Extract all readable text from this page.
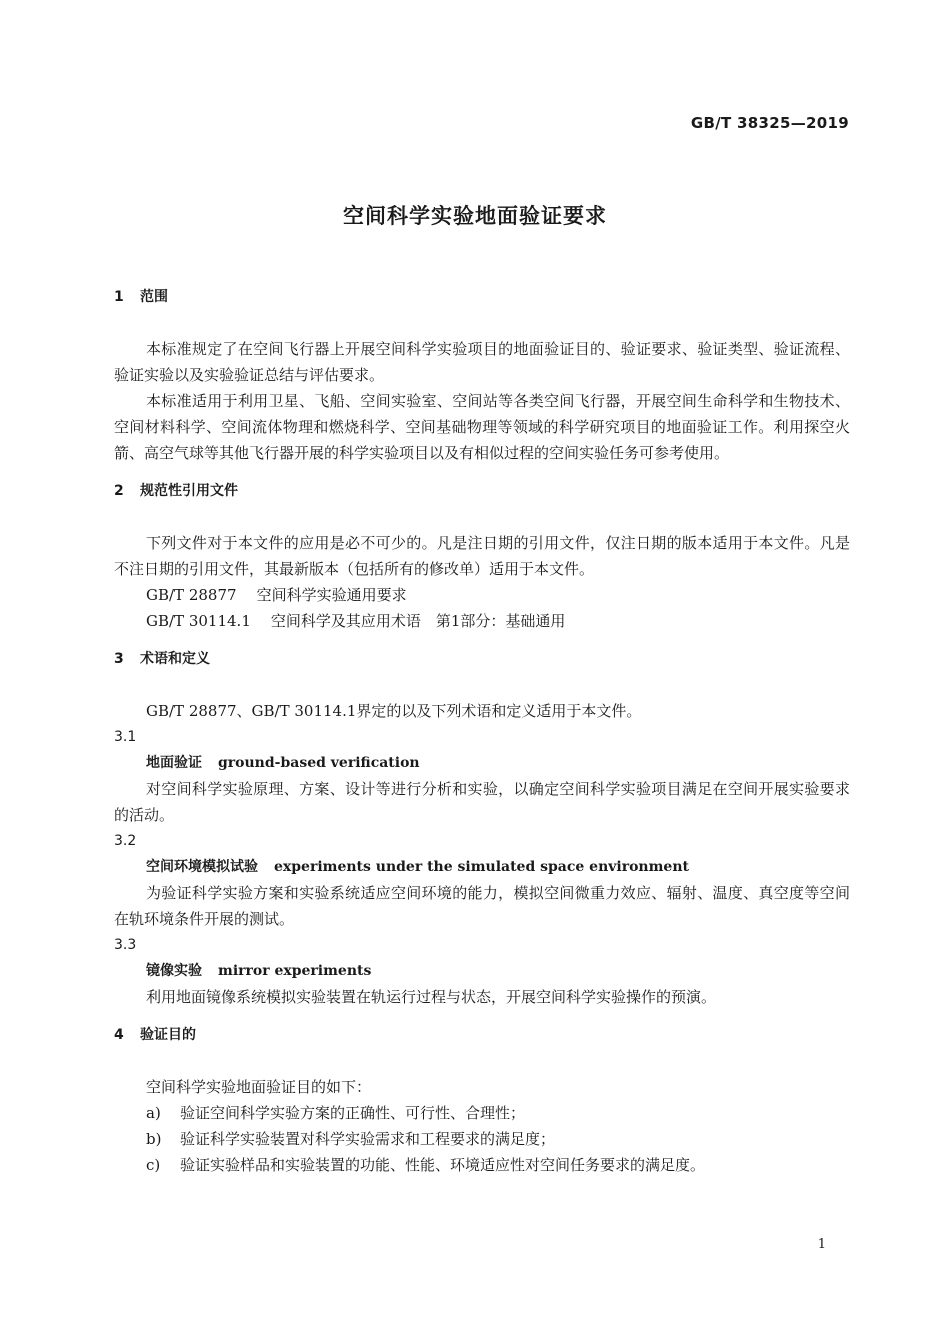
GB/T 38325—2019
空间科学实验地面验证要求
1 范围

本标准规定了在空间飞行器上开展空间科学实验项目的地面验证目的、验证要求、验证类型、验证流程、验证实验以及实验验证总结与评估要求。

本标准适用于利用卫星、飞船、空间实验室、空间站等各类空间飞行器，开展空间生命科学和生物技术、空间材料科学、空间流体物理和燃烧科学、空间基础物理等领域的科学研究项目的地面验证工作。利用探空火箭、高空气球等其他飞行器开展的科学实验项目以及有相似过程的空间实验任务可参考使用。

2 规范性引用文件

下列文件对于本文件的应用是必不可少的。凡是注日期的引用文件，仅注日期的版本适用于本文件。凡是不注日期的引用文件，其最新版本（包括所有的修改单）适用于本文件。

GB/T 28877 空间科学实验通用要求
GB/T 30114.1 空间科学及其应用术语　第1部分：基础通用
3 术语和定义

GB/T 28877、GB/T 30114.1界定的以及下列术语和定义适用于本文件。

3.1
地面验证 ground-based verification

对空间科学实验原理、方案、设计等进行分析和实验，以确定空间科学实验项目满足在空间开展实验要求的活动。

3.2
空间环境模拟试验 experiments under the simulated space environment

为验证科学实验方案和实验系统适应空间环境的能力，模拟空间微重力效应、辐射、温度、真空度等空间在轨环境条件开展的测试。

3.3
镜像实验 mirror experiments

利用地面镜像系统模拟实验装置在轨运行过程与状态，开展空间科学实验操作的预演。

4 验证目的

空间科学实验地面验证目的如下：

a) 验证空间科学实验方案的正确性、可行性、合理性；
b) 验证科学实验装置对科学实验需求和工程要求的满足度；
c) 验证实验样品和实验装置的功能、性能、环境适应性对空间任务要求的满足度。
1
